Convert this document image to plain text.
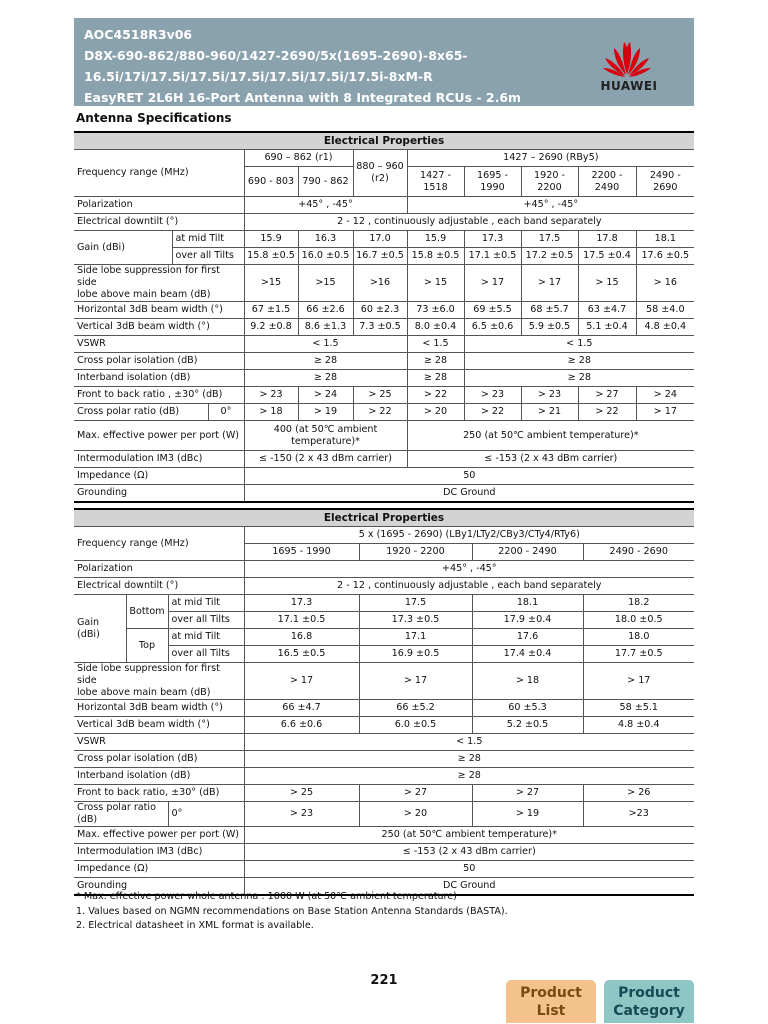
AOC4518R3v06
D8X-690-862/880-960/1427-2690/5x(1695-2690)-8x65-
16.5i/17i/17.5i/17.5i/17.5i/17.5i/17.5i/17.5i-8xM-R
EasyRET 2L6H 16-Port Antenna with 8 Integrated RCUs - 2.6m
HUAWEI
Antenna Specifications
Electrical Properties										
Frequency range (MHz)			690 – 862 (r1)		880 – 960 (r2)	1427 – 2690 (RBy5)				
			690 - 803	790 - 862		1427 - 1518	1695 - 1990	1920 - 2200	2200 - 2490	2490 - 2690
Polarization			+45° , -45°			+45° , -45°				
Electrical downtilt (°)			2 - 12 , continuously adjustable , each band separately							
Gain (dBi)	at mid Tilt		15.9	16.3	17.0	15.9	17.3	17.5	17.8	18.1
	over all Tilts		15.8 ±0.5	16.0 ±0.5	16.7 ±0.5	15.8 ±0.5	17.1 ±0.5	17.2 ±0.5	17.5 ±0.4	17.6 ±0.5
Side lobe suppression for first side
lobe above main beam (dB)			>15	>15	>16	> 15	> 17	> 17	> 15	> 16
Horizontal 3dB beam width (°)			67 ±1.5	66 ±2.6	60 ±2.3	73 ±6.0	69 ±5.5	68 ±5.7	63 ±4.7	58 ±4.0
Vertical 3dB beam width (°)			9.2 ±0.8	8.6 ±1.3	7.3 ±0.5	8.0 ±0.4	6.5 ±0.6	5.9 ±0.5	5.1 ±0.4	4.8 ±0.4
VSWR			< 1.5			< 1.5	< 1.5			
Cross polar isolation (dB)			≥ 28			≥ 28	≥ 28			
Interband isolation (dB)			≥ 28			≥ 28	≥ 28			
Front to back ratio , ±30° (dB)			> 23	> 24	> 25	> 22	> 23	> 23	> 27	> 24
Cross polar ratio (dB)		0°	> 18	> 19	> 22	> 20	> 22	> 21	> 22	> 17
Max. effective power per port (W)			400 (at 50℃ ambient
temperature)*			250 (at 50℃ ambient temperature)*				
Intermodulation IM3 (dBc)			≤ -150 (2 x 43 dBm carrier)			≤ -153 (2 x 43 dBm carrier)				
Impedance (Ω)			50							
Grounding			DC Ground							
Electrical Properties						
Frequency range (MHz)			5 x (1695 - 2690) (LBy1/LTy2/CBy3/CTy4/RTy6)			
			1695 - 1990	1920 - 2200	2200 - 2490	2490 - 2690
Polarization			+45° , -45°			
Electrical downtilt (°)			2 - 12 , continuously adjustable , each band separately			
Gain (dBi)	Bottom	at mid Tilt	17.3	17.5	18.1	18.2
		over all Tilts	17.1 ±0.5	17.3 ±0.5	17.9 ±0.4	18.0 ±0.5
	Top	at mid Tilt	16.8	17.1	17.6	18.0
		over all Tilts	16.5 ±0.5	16.9 ±0.5	17.4 ±0.4	17.7 ±0.5
Side lobe suppression for first side
lobe above main beam (dB)			> 17	> 17	> 18	> 17
Horizontal 3dB beam width (°)			66 ±4.7	66 ±5.2	60 ±5.3	58 ±5.1
Vertical 3dB beam width (°)			6.6 ±0.6	6.0 ±0.5	5.2 ±0.5	4.8 ±0.4
VSWR			< 1.5			
Cross polar isolation (dB)			≥ 28			
Interband isolation (dB)			≥ 28			
Front to back ratio, ±30° (dB)			> 25	> 27	> 27	> 26
Cross polar ratio (dB)		0°	> 23	> 20	> 19	>23
Max. effective power per port (W)			250 (at 50℃ ambient temperature)*			
Intermodulation IM3 (dBc)			≤ -153 (2 x 43 dBm carrier)			
Impedance (Ω)			50			
Grounding			DC Ground			
* Max. effective power whole antenna : 1000 W (at 50℃ ambient temperature)
1. Values based on NGMN recommendations on Base Station Antenna Standards (BASTA).
2. Electrical datasheet in XML format is available.
221
Product
List
Product
Category
